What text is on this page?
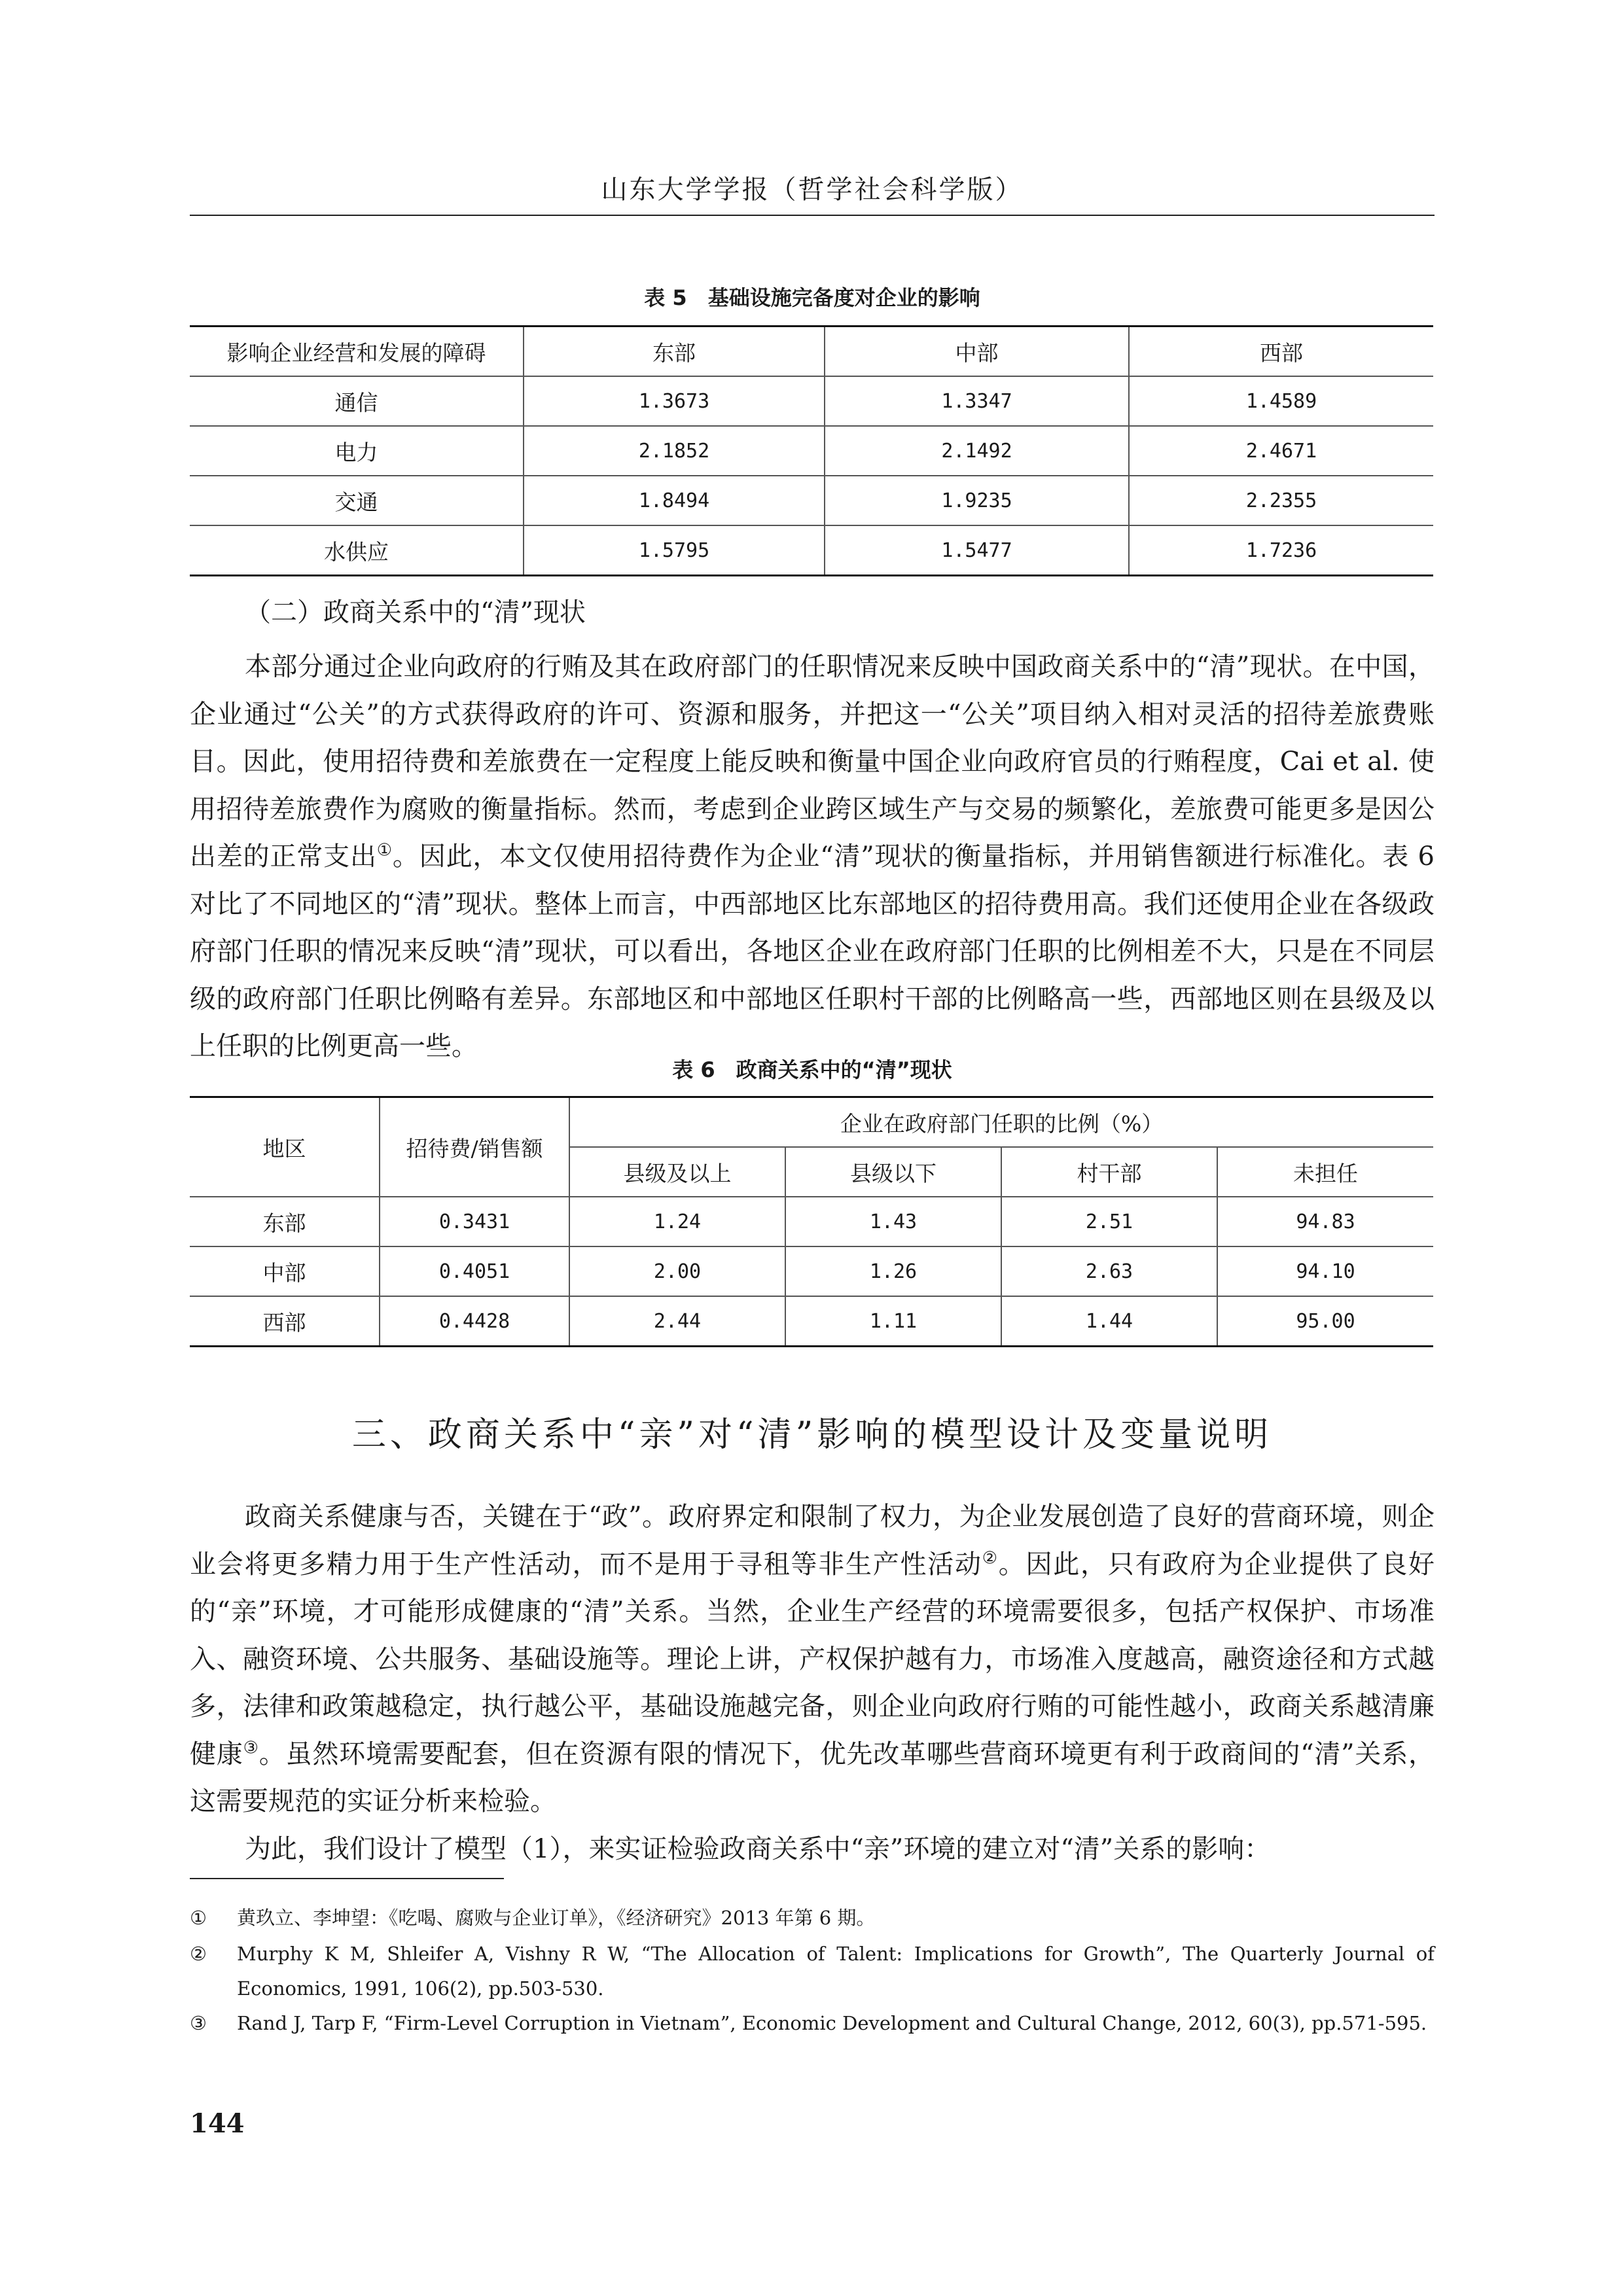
山东大学学报（哲学社会科学版）
表 5　基础设施完备度对企业的影响
影响企业经营和发展的障碍	东部	中部	西部
通信	1.3673	1.3347	1.4589
电力	2.1852	2.1492	2.4671
交通	1.8494	1.9235	2.2355
水供应	1.5795	1.5477	1.7236
（二）政商关系中的“清”现状

本部分通过企业向政府的行贿及其在政府部门的任职情况来反映中国政商关系中的“清”现状。在中国，企业通过“公关”的方式获得政府的许可、资源和服务，并把这一“公关”项目纳入相对灵活的招待差旅费账目。因此，使用招待费和差旅费在一定程度上能反映和衡量中国企业向政府官员的行贿程度，Cai et al. 使用招待差旅费作为腐败的衡量指标。然而，考虑到企业跨区域生产与交易的频繁化，差旅费可能更多是因公出差的正常支出①。因此，本文仅使用招待费作为企业“清”现状的衡量指标，并用销售额进行标准化。表 6 对比了不同地区的“清”现状。整体上而言，中西部地区比东部地区的招待费用高。我们还使用企业在各级政府部门任职的情况来反映“清”现状，可以看出，各地区企业在政府部门任职的比例相差不大，只是在不同层级的政府部门任职比例略有差异。东部地区和中部地区任职村干部的比例略高一些，西部地区则在县级及以上任职的比例更高一些。

表 6　政商关系中的“清”现状
地区	招待费/销售额	企业在政府部门任职的比例（%）			
		县级及以上	县级以下	村干部	未担任
东部	0.3431	1.24	1.43	2.51	94.83
中部	0.4051	2.00	1.26	2.63	94.10
西部	0.4428	2.44	1.11	1.44	95.00
三、政商关系中“亲”对“清”影响的模型设计及变量说明

政商关系健康与否，关键在于“政”。政府界定和限制了权力，为企业发展创造了良好的营商环境，则企业会将更多精力用于生产性活动，而不是用于寻租等非生产性活动②。因此，只有政府为企业提供了良好的“亲”环境，才可能形成健康的“清”关系。当然，企业生产经营的环境需要很多，包括产权保护、市场准入、融资环境、公共服务、基础设施等。理论上讲，产权保护越有力，市场准入度越高，融资途径和方式越多，法律和政策越稳定，执行越公平，基础设施越完备，则企业向政府行贿的可能性越小，政商关系越清廉健康③。虽然环境需要配套，但在资源有限的情况下，优先改革哪些营商环境更有利于政商间的“清”关系，这需要规范的实证分析来检验。

为此，我们设计了模型（1），来实证检验政商关系中“亲”环境的建立对“清”关系的影响：

①	黄玖立、李坤望：《吃喝、腐败与企业订单》，《经济研究》2013 年第 6 期。
②	Murphy K M, Shleifer A, Vishny R W, “The Allocation of Talent: Implications for Growth”, The Quarterly Journal of Economics, 1991, 106(2), pp.503-530.
③	Rand J, Tarp F, “Firm-Level Corruption in Vietnam”, Economic Development and Cultural Change, 2012, 60(3), pp.571-595.
144
